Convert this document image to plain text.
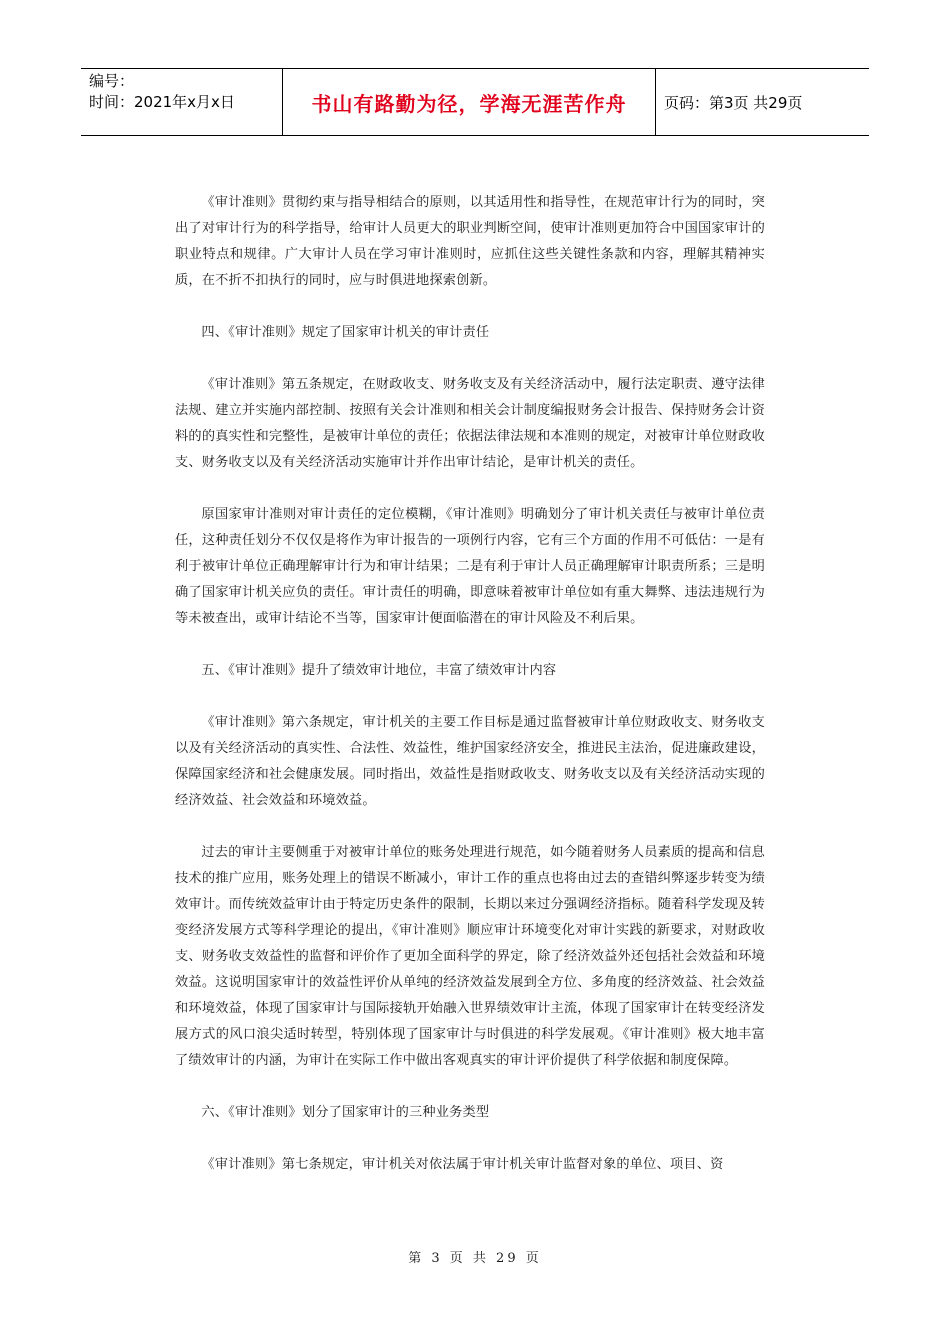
编号：
时间：2021年x月x日	书山有路勤为径，学海无涯苦作舟	页码：第3页 共29页

《审计准则》贯彻约束与指导相结合的原则，以其适用性和指导性，在规范审计行为的同时，突出了对审计行为的科学指导，给审计人员更大的职业判断空间，使审计准则更加符合中国国家审计的职业特点和规律。广大审计人员在学习审计准则时，应抓住这些关键性条款和内容，理解其精神实质，在不折不扣执行的同时，应与时俱进地探索创新。

四、《审计准则》规定了国家审计机关的审计责任

《审计准则》第五条规定，在财政收支、财务收支及有关经济活动中，履行法定职责、遵守法律法规、建立并实施内部控制、按照有关会计准则和相关会计制度编报财务会计报告、保持财务会计资料的的真实性和完整性，是被审计单位的责任；依据法律法规和本准则的规定，对被审计单位财政收支、财务收支以及有关经济活动实施审计并作出审计结论，是审计机关的责任。

原国家审计准则对审计责任的定位模糊，《审计准则》明确划分了审计机关责任与被审计单位责任，这种责任划分不仅仅是将作为审计报告的一项例行内容，它有三个方面的作用不可低估：一是有利于被审计单位正确理解审计行为和审计结果；二是有利于审计人员正确理解审计职责所系；三是明确了国家审计机关应负的责任。审计责任的明确，即意味着被审计单位如有重大舞弊、违法违规行为等未被查出，或审计结论不当等，国家审计便面临潜在的审计风险及不利后果。

五、《审计准则》提升了绩效审计地位，丰富了绩效审计内容

《审计准则》第六条规定，审计机关的主要工作目标是通过监督被审计单位财政收支、财务收支以及有关经济活动的真实性、合法性、效益性，维护国家经济安全，推进民主法治，促进廉政建设，保障国家经济和社会健康发展。同时指出，效益性是指财政收支、财务收支以及有关经济活动实现的经济效益、社会效益和环境效益。

过去的审计主要侧重于对被审计单位的账务处理进行规范，如今随着财务人员素质的提高和信息技术的推广应用，账务处理上的错误不断减小，审计工作的重点也将由过去的查错纠弊逐步转变为绩效审计。而传统效益审计由于特定历史条件的限制，长期以来过分强调经济指标。随着科学发现及转变经济发展方式等科学理论的提出，《审计准则》顺应审计环境变化对审计实践的新要求，对财政收支、财务收支效益性的监督和评价作了更加全面科学的界定，除了经济效益外还包括社会效益和环境效益。这说明国家审计的效益性评价从单纯的经济效益发展到全方位、多角度的经济效益、社会效益和环境效益，体现了国家审计与国际接轨开始融入世界绩效审计主流，体现了国家审计在转变经济发展方式的风口浪尖适时转型，特别体现了国家审计与时俱进的科学发展观。《审计准则》极大地丰富了绩效审计的内涵，为审计在实际工作中做出客观真实的审计评价提供了科学依据和制度保障。

六、《审计准则》划分了国家审计的三种业务类型

《审计准则》第七条规定，审计机关对依法属于审计机关审计监督对象的单位、项目、资

第 3 页 共 29 页
